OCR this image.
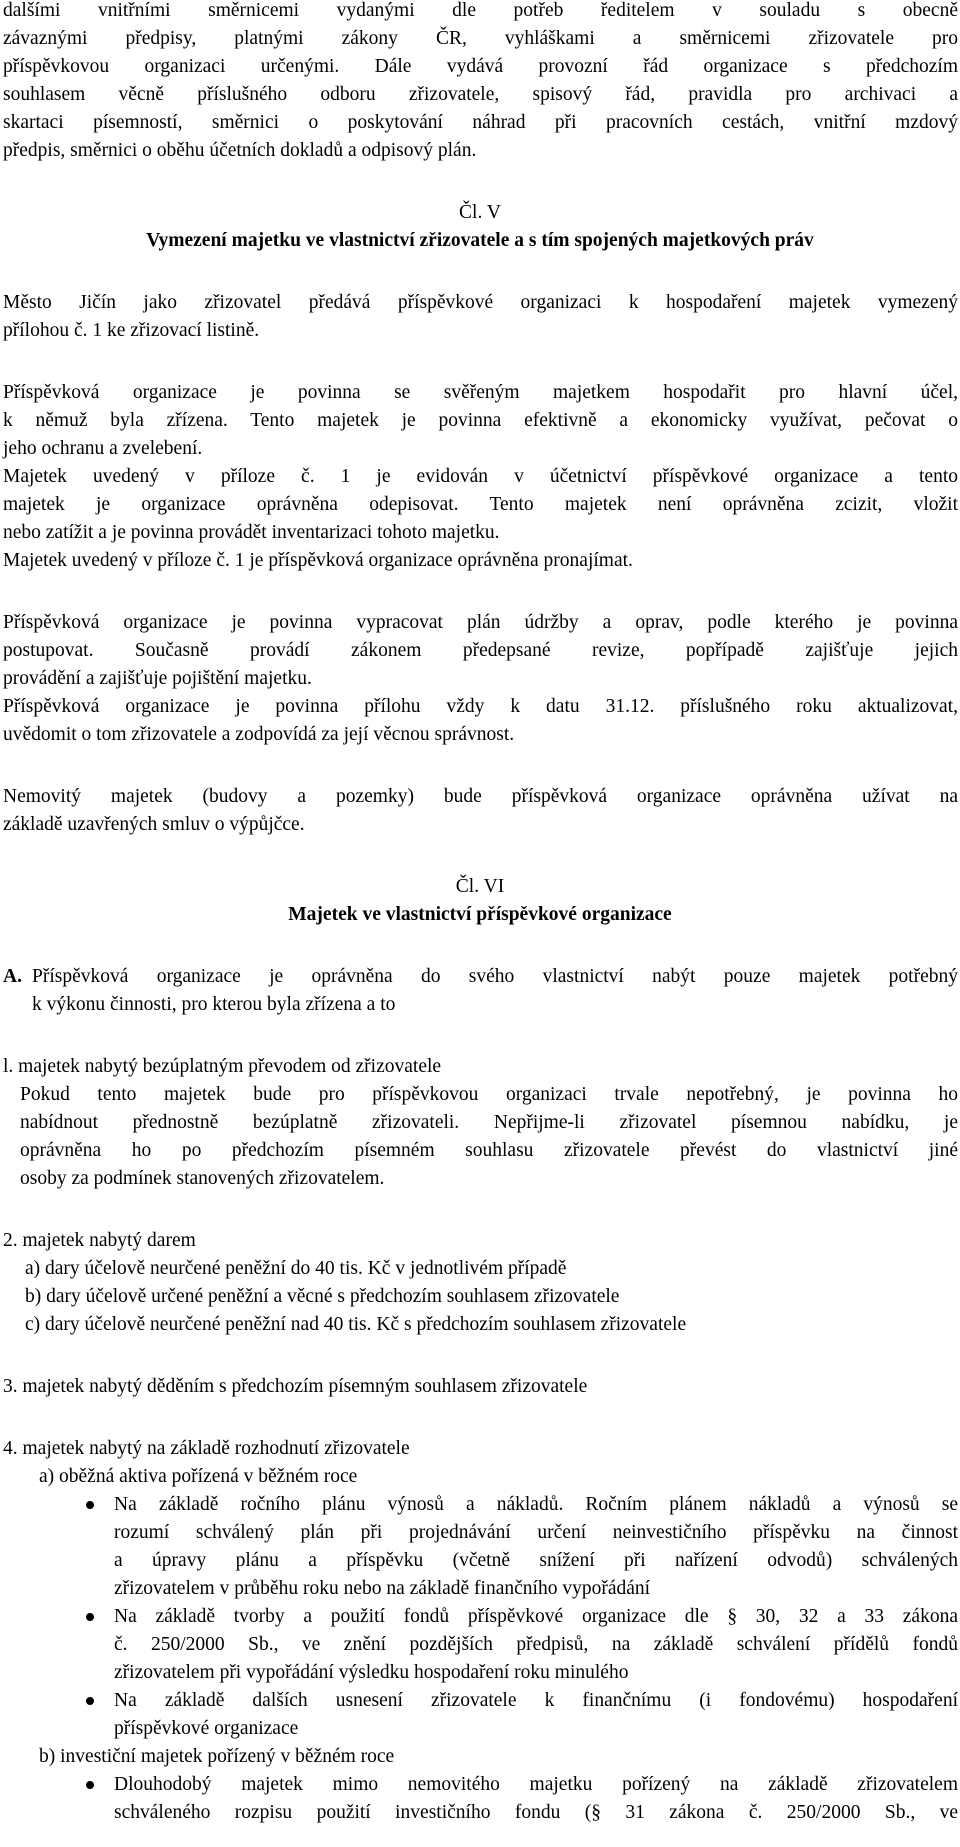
dalšími vnitřními směrnicemi vydanými dle potřeb ředitelem v souladu s obecně

závaznými předpisy, platnými zákony ČR, vyhláškami a směrnicemi zřizovatele pro

příspěvkovou organizaci určenými. Dále vydává provozní řád organizace s předchozím

souhlasem věcně příslušného odboru zřizovatele, spisový řád, pravidla pro archivaci a

skartaci písemností, směrnici o poskytování náhrad při pracovních cestách, vnitřní mzdový

předpis, směrnici o oběhu účetních dokladů a odpisový plán.

Čl. V

Vymezení majetku ve vlastnictví zřizovatele a s tím spojených majetkových práv

Město Jičín jako zřizovatel předává příspěvkové organizaci k hospodaření majetek vymezený

přílohou č. 1 ke zřizovací listině.

Příspěvková organizace je povinna se svěřeným majetkem hospodařit pro hlavní účel,

k němuž byla zřízena. Tento majetek je povinna efektivně a ekonomicky využívat, pečovat o

jeho ochranu a zvelebení.

Majetek uvedený v příloze č. 1 je evidován v účetnictví příspěvkové organizace a tento

majetek je organizace oprávněna odepisovat. Tento majetek není oprávněna zcizit, vložit

nebo zatížit a je povinna provádět inventarizaci tohoto majetku.

Majetek uvedený v příloze č. 1 je příspěvková organizace oprávněna pronajímat.

Příspěvková organizace je povinna vypracovat plán údržby a oprav, podle kterého je povinna

postupovat. Současně provádí zákonem předepsané revize, popřípadě zajišťuje jejich

provádění a zajišťuje pojištění majetku.

Příspěvková organizace je povinna přílohu vždy k datu 31.12. příslušného roku aktualizovat,

uvědomit o tom zřizovatele a zodpovídá za její věcnou správnost.

Nemovitý majetek (budovy a pozemky) bude příspěvková organizace oprávněna užívat na

základě uzavřených smluv o výpůjčce.

Čl. VI

Majetek ve vlastnictví příspěvkové organizace

A. Příspěvková organizace je oprávněna do svého vlastnictví nabýt pouze majetek potřebný

k výkonu činnosti, pro kterou byla zřízena a to

l. majetek nabytý bezúplatným převodem od zřizovatele

Pokud tento majetek bude pro příspěvkovou organizaci trvale nepotřebný, je povinna ho

nabídnout přednostně bezúplatně zřizovateli. Nepřijme-li zřizovatel písemnou nabídku, je

oprávněna ho po předchozím písemném souhlasu zřizovatele převést do vlastnictví jiné

osoby za podmínek stanovených zřizovatelem.

2. majetek nabytý darem

a) dary účelově neurčené peněžní do 40 tis. Kč v jednotlivém případě

b) dary účelově určené peněžní a věcné s předchozím souhlasem zřizovatele

c) dary účelově neurčené peněžní nad 40 tis. Kč s předchozím souhlasem zřizovatele

3. majetek nabytý děděním s předchozím písemným souhlasem zřizovatele

4. majetek nabytý na základě rozhodnutí zřizovatele

a) oběžná aktiva pořízená v běžném roce

Na základě ročního plánu výnosů a nákladů. Ročním plánem nákladů a výnosů se

rozumí schválený plán při projednávání určení neinvestičního příspěvku na činnost

a úpravy plánu a příspěvku (včetně snížení při nařízení odvodů) schválených

zřizovatelem v průběhu roku nebo na základě finančního vypořádání

Na základě tvorby a použití fondů příspěvkové organizace dle § 30, 32 a 33 zákona

č. 250/2000 Sb., ve znění pozdějších předpisů, na základě schválení přídělů fondů

zřizovatelem při vypořádání výsledku hospodaření roku minulého

Na základě dalších usnesení zřizovatele k finančnímu (i fondovému) hospodaření

příspěvkové organizace

b) investiční majetek pořízený v běžném roce

Dlouhodobý majetek mimo nemovitého majetku pořízený na základě zřizovatelem

schváleného rozpisu použití investičního fondu (§ 31 zákona č. 250/2000 Sb., ve
